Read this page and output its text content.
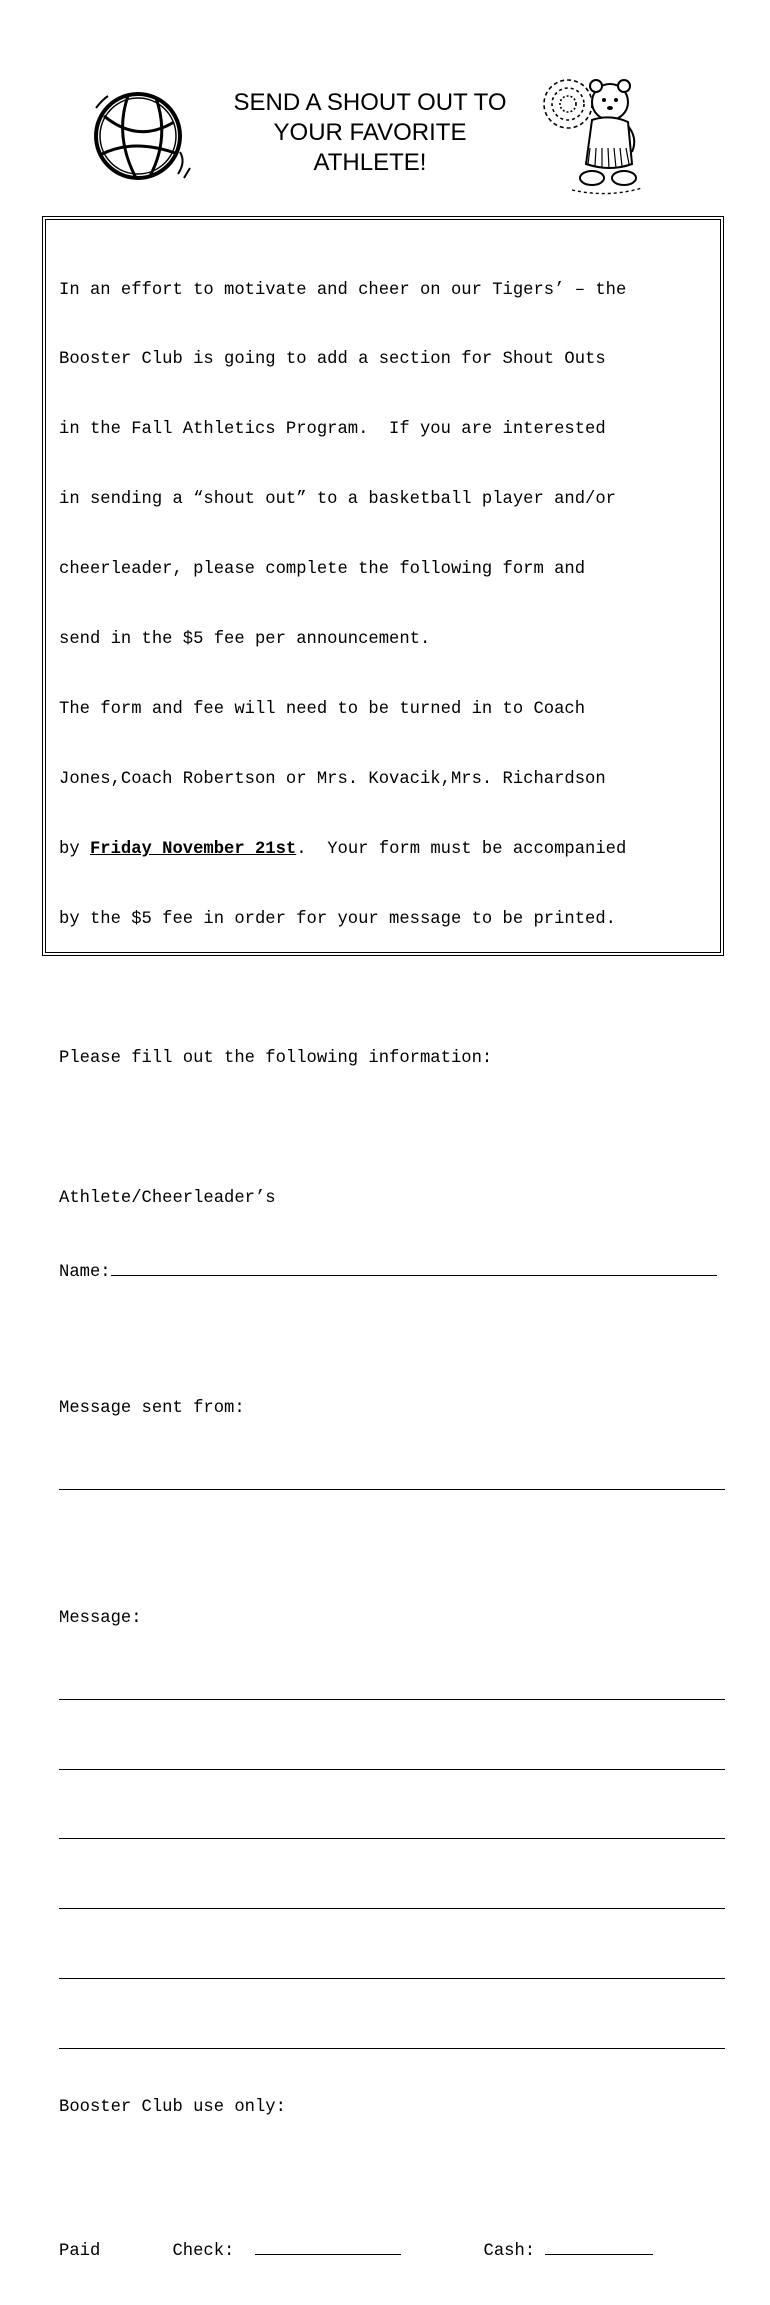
SEND A SHOUT OUT TO
YOUR FAVORITE
ATHLETE!

In an effort to motivate and cheer on our Tigers’ – the

Booster Club is going to add a section for Shout Outs

in the Fall Athletics Program.  If you are interested

in sending a “shout out” to a basketball player and/or

cheerleader, please complete the following form and

send in the $5 fee per announcement.

The form and fee will need to be turned in to Coach

Jones,Coach Robertson or Mrs. Kovacik,Mrs. Richardson

by Friday November 21st.  Your form must be accompanied

by the $5 fee in order for your message to be printed.

Please fill out the following information:

Athlete/Cheerleader’s

Name:

Message sent from:

Message:

Booster Club use only:

Paid	Check:	Cash:
